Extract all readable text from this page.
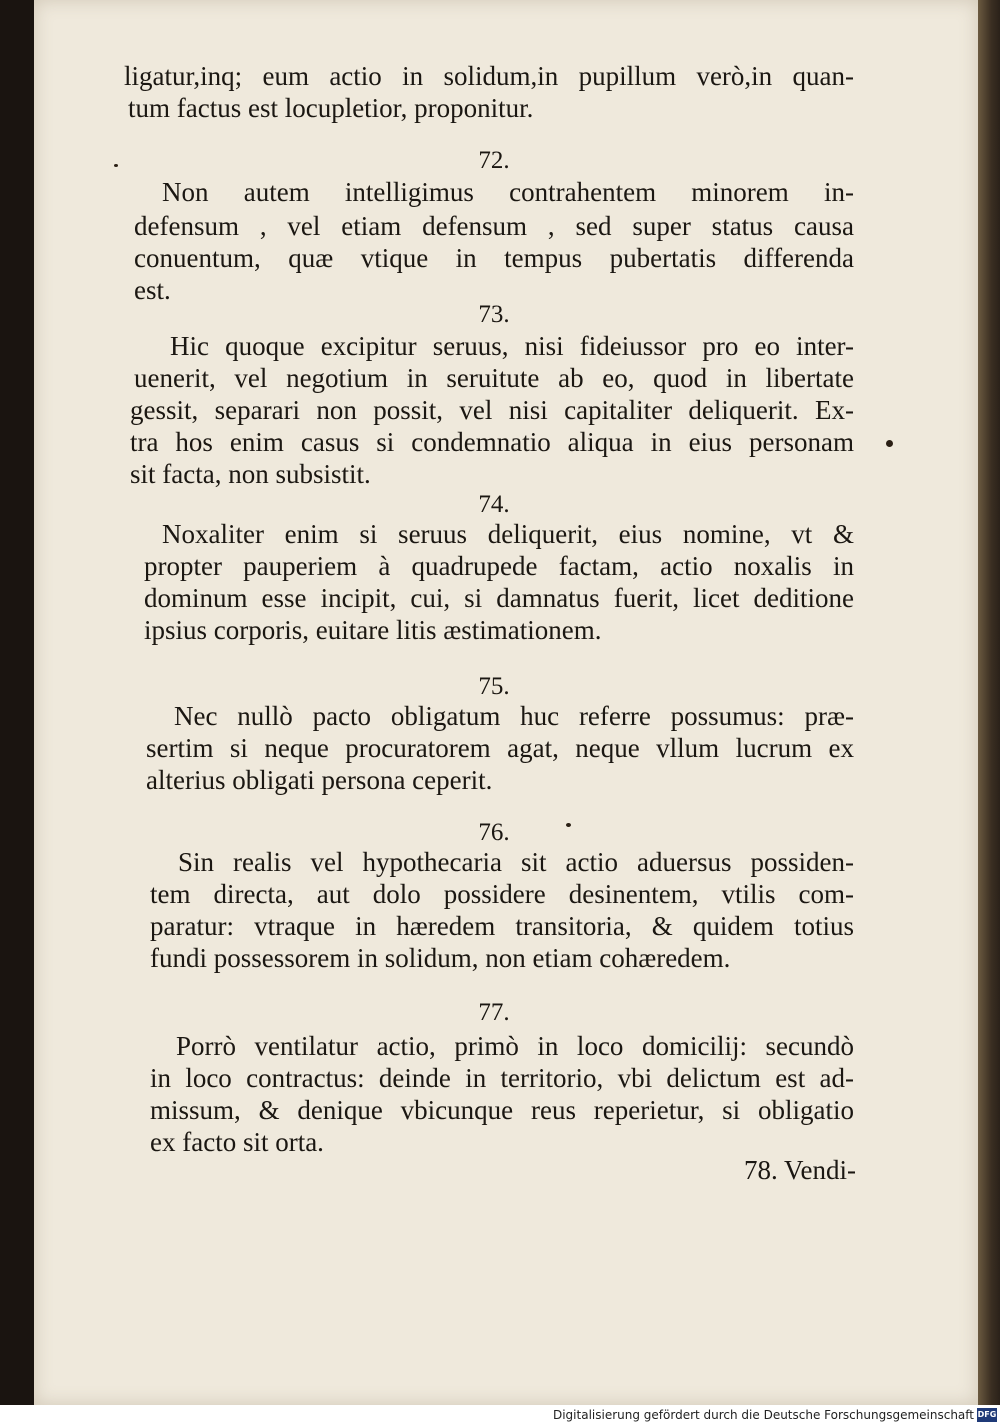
ligatur,inq; eum actio in solidum,in pupillum verò,in quan-
tum factus est locupletior, proponitur.
72.
Non autem intelligimus contrahentem minorem in-
defensum , vel etiam defensum , sed super status causa
conuentum, quæ vtique in tempus pubertatis differenda
est.
73.
Hic quoque excipitur seruus, nisi fideiussor pro eo inter-
uenerit, vel negotium in seruitute ab eo, quod in libertate
gessit, separari non possit, vel nisi capitaliter deliquerit. Ex-
tra hos enim casus si condemnatio aliqua in eius personam
sit facta, non subsistit.
74.
Noxaliter enim si seruus deliquerit, eius nomine, vt &
propter pauperiem à quadrupede factam, actio noxalis in
dominum esse incipit, cui, si damnatus fuerit, licet deditione
ipsius corporis, euitare litis æstimationem.
75.
Nec nullò pacto obligatum huc referre possumus: præ-
sertim si neque procuratorem agat, neque vllum lucrum ex
alterius obligati persona ceperit.
76.
Sin realis vel hypothecaria sit actio aduersus possiden-
tem directa, aut dolo possidere desinentem, vtilis com-
paratur: vtraque in hæredem transitoria, & quidem totius
fundi possessorem in solidum, non etiam cohæredem.
77.
Porrò ventilatur actio, primò in loco domicilij: secundò
in loco contractus: deinde in territorio, vbi delictum est ad-
missum, & denique vbicunque reus reperietur, si obligatio
ex facto sit orta.
78. Vendi-
Digitalisierung gefördert durch die Deutsche Forschungsgemeinschaft DFG
